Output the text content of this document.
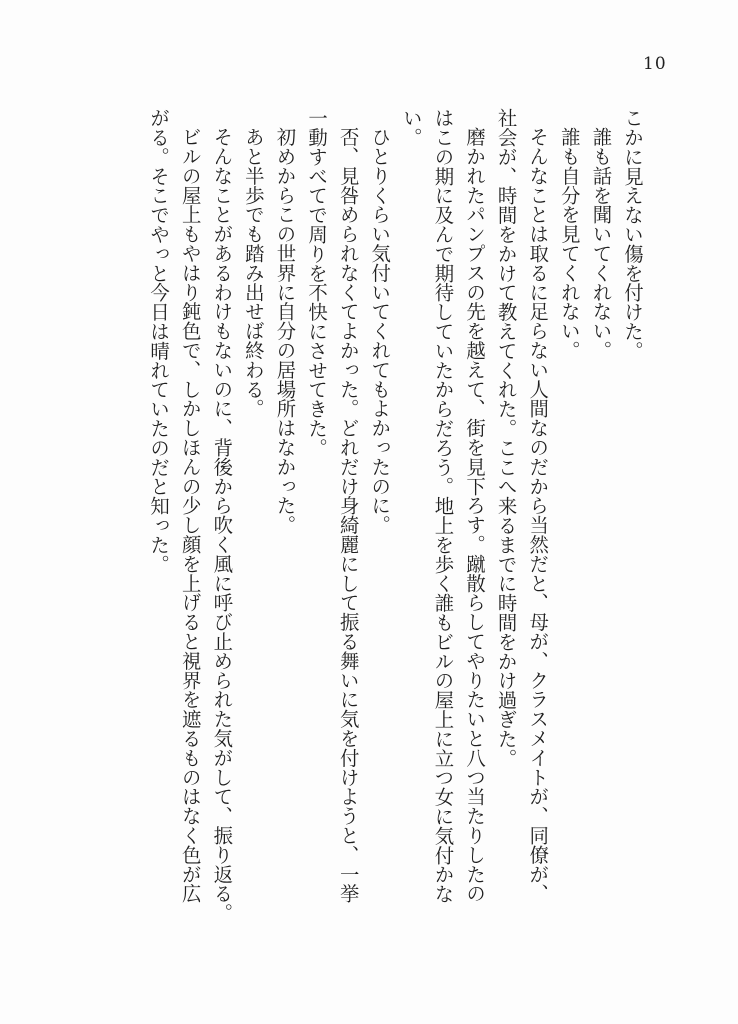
10

こかに見えない傷を付けた。

誰も話を聞いてくれない。

誰も自分を見てくれない。

そんなことは取るに足らない人間なのだから当然だと、母が、クラスメイトが、同僚が、

社会が、時間をかけて教えてくれた。ここへ来るまでに時間をかけ過ぎた。

磨かれたパンプスの先を越えて、街を見下ろす。蹴散らしてやりたいと八つ当たりしたの

はこの期に及んで期待していたからだろう。地上を歩く誰もビルの屋上に立つ女に気付かな

い。

ひとりくらい気付いてくれてもよかったのに。

否、見咎められなくてよかった。どれだけ身綺麗にして振る舞いに気を付けようと、一挙

一動すべてで周りを不快にさせてきた。

初めからこの世界に自分の居場所はなかった。

あと半歩でも踏み出せば終わる。

そんなことがあるわけもないのに、背後から吹く風に呼び止められた気がして、振り返る。

ビルの屋上もやはり鈍色で、しかしほんの少し顔を上げると視界を遮るものはなく色が広

がる。そこでやっと今日は晴れていたのだと知った。
